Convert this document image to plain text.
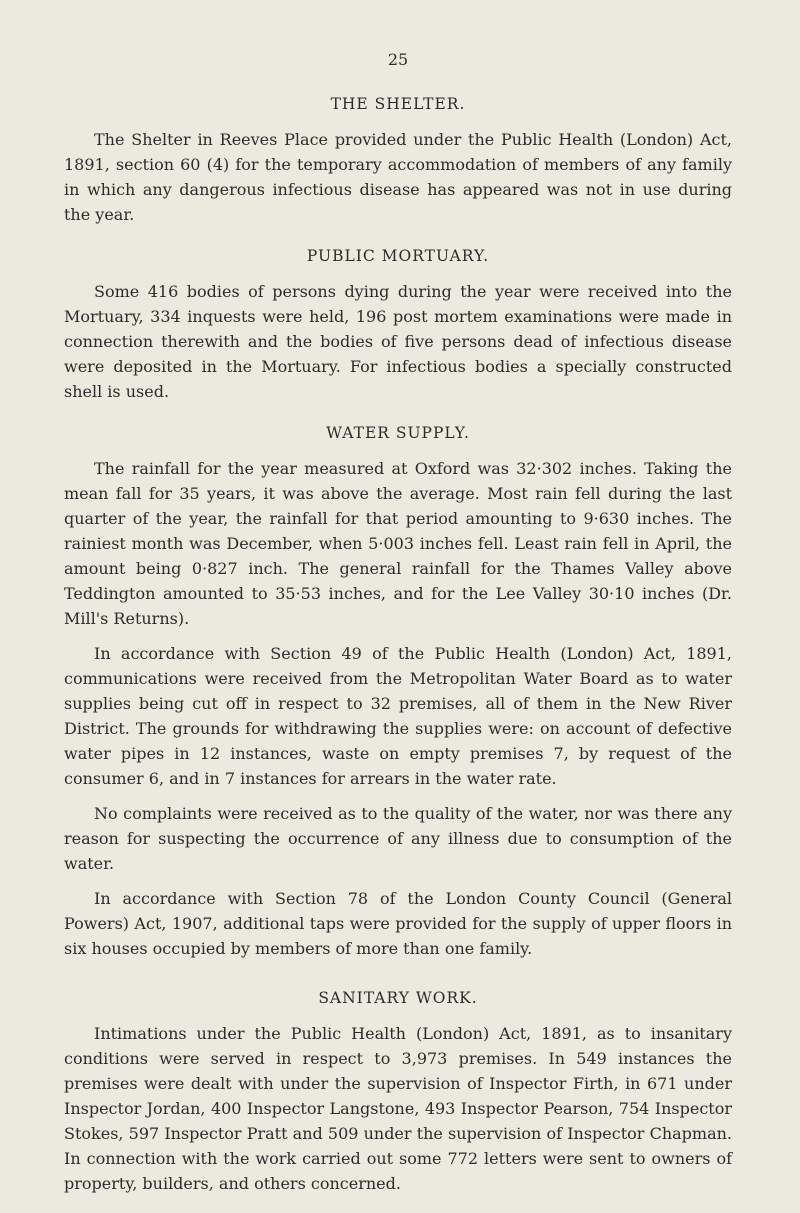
25
THE SHELTER.

The Shelter in Reeves Place provided under the Public Health (London) Act, 1891, section 60 (4) for the temporary accommodation of members of any family in which any dangerous infectious disease has appeared was not in use during the year.

PUBLIC MORTUARY.

Some 416 bodies of persons dying during the year were received into the Mortuary, 334 inquests were held, 196 post mortem examinations were made in connection therewith and the bodies of five persons dead of infectious disease were deposited in the Mortuary. For infectious bodies a specially constructed shell is used.

WATER SUPPLY.

The rainfall for the year measured at Oxford was 32·302 inches. Taking the mean fall for 35 years, it was above the average. Most rain fell during the last quarter of the year, the rainfall for that period amounting to 9·630 inches. The rainiest month was December, when 5·003 inches fell. Least rain fell in April, the amount being 0·827 inch. The general rainfall for the Thames Valley above Teddington amounted to 35·53 inches, and for the Lee Valley 30·10 inches (Dr. Mill's Returns).

In accordance with Section 49 of the Public Health (London) Act, 1891, communications were received from the Metropolitan Water Board as to water supplies being cut off in respect to 32 premises, all of them in the New River District. The grounds for withdrawing the supplies were: on account of defective water pipes in 12 instances, waste on empty premises 7, by request of the consumer 6, and in 7 instances for arrears in the water rate.

No complaints were received as to the quality of the water, nor was there any reason for suspecting the occurrence of any illness due to consumption of the water.

In accordance with Section 78 of the London County Council (General Powers) Act, 1907, additional taps were provided for the supply of upper floors in six houses occupied by members of more than one family.

SANITARY WORK.

Intimations under the Public Health (London) Act, 1891, as to insanitary conditions were served in respect to 3,973 premises. In 549 instances the premises were dealt with under the supervision of Inspector Firth, in 671 under Inspector Jordan, 400 Inspector Langstone, 493 Inspector Pearson, 754 Inspector Stokes, 597 Inspector Pratt and 509 under the supervision of Inspector Chapman. In connection with the work carried out some 772 letters were sent to owners of property, builders, and others concerned.
